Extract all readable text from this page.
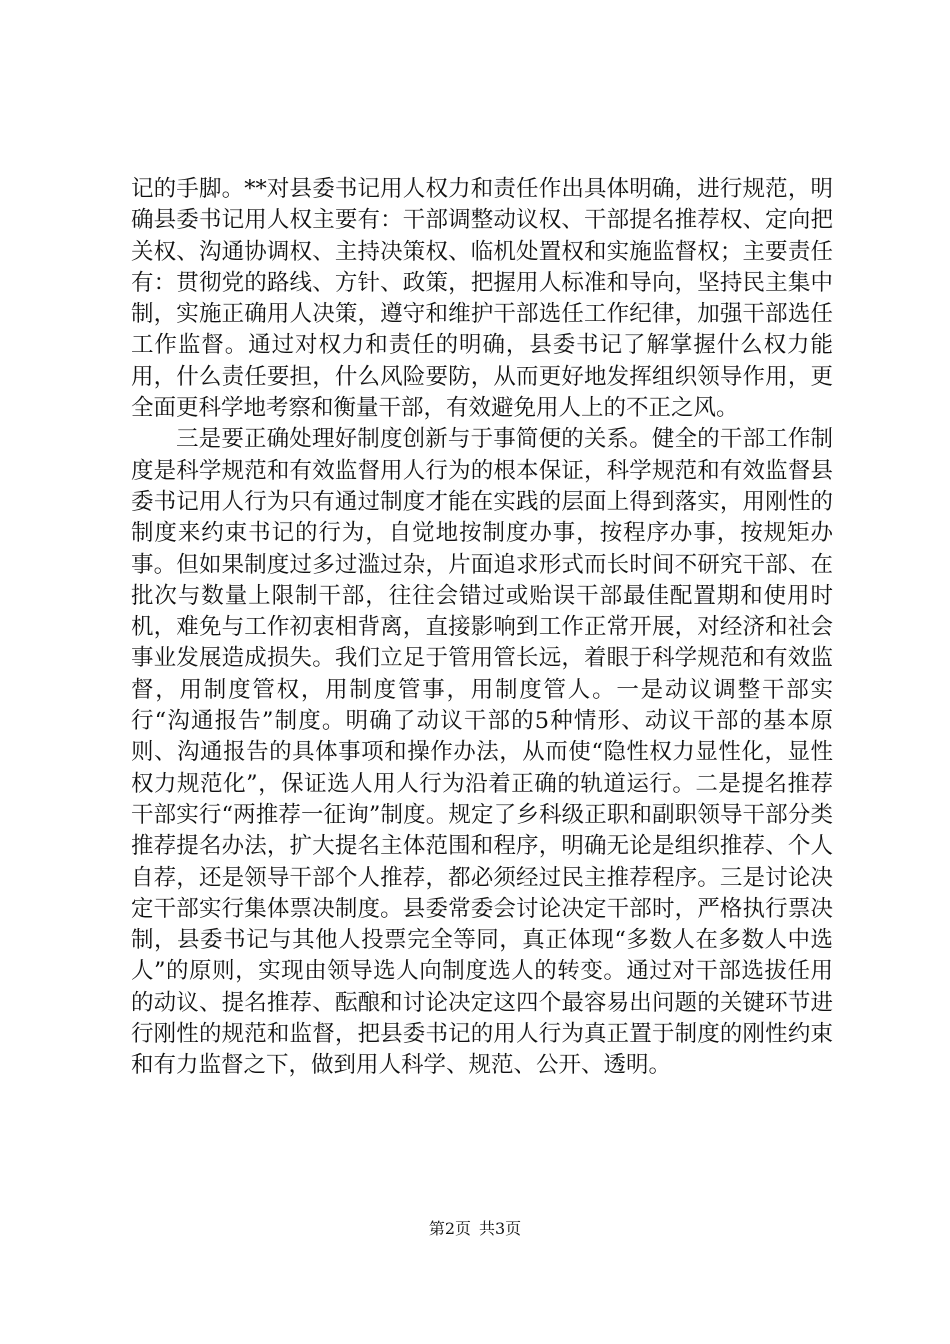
记的手脚。**对县委书记用人权力和责任作出具体明确，进行规范，明确县委书记用人权主要有：干部调整动议权、干部提名推荐权、定向把关权、沟通协调权、主持决策权、临机处置权和实施监督权；主要责任有：贯彻党的路线、方针、政策，把握用人标准和导向，坚持民主集中制，实施正确用人决策，遵守和维护干部选任工作纪律，加强干部选任工作监督。通过对权力和责任的明确，县委书记了解掌握什么权力能用，什么责任要担，什么风险要防，从而更好地发挥组织领导作用，更全面更科学地考察和衡量干部，有效避免用人上的不正之风。

三是要正确处理好制度创新与于事简便的关系。健全的干部工作制度是科学规范和有效监督用人行为的根本保证，科学规范和有效监督县委书记用人行为只有通过制度才能在实践的层面上得到落实，用刚性的制度来约束书记的行为，自觉地按制度办事，按程序办事，按规矩办事。但如果制度过多过滥过杂，片面追求形式而长时间不研究干部、在批次与数量上限制干部，往往会错过或贻误干部最佳配置期和使用时机，难免与工作初衷相背离，直接影响到工作正常开展，对经济和社会事业发展造成损失。我们立足于管用管长远，着眼于科学规范和有效监督，用制度管权，用制度管事，用制度管人。一是动议调整干部实行“沟通报告”制度。明确了动议干部的5种情形、动议干部的基本原则、沟通报告的具体事项和操作办法，从而使“隐性权力显性化，显性权力规范化”，保证选人用人行为沿着正确的轨道运行。二是提名推荐干部实行“两推荐一征询”制度。规定了乡科级正职和副职领导干部分类推荐提名办法，扩大提名主体范围和程序，明确无论是组织推荐、个人自荐，还是领导干部个人推荐，都必须经过民主推荐程序。三是讨论决定干部实行集体票决制度。县委常委会讨论决定干部时，严格执行票决制，县委书记与其他人投票完全等同，真正体现“多数人在多数人中选人”的原则，实现由领导选人向制度选人的转变。通过对干部选拔任用的动议、提名推荐、酝酿和讨论决定这四个最容易出问题的关键环节进行刚性的规范和监督，把县委书记的用人行为真正置于制度的刚性约束和有力监督之下，做到用人科学、规范、公开、透明。

第2页 共3页
